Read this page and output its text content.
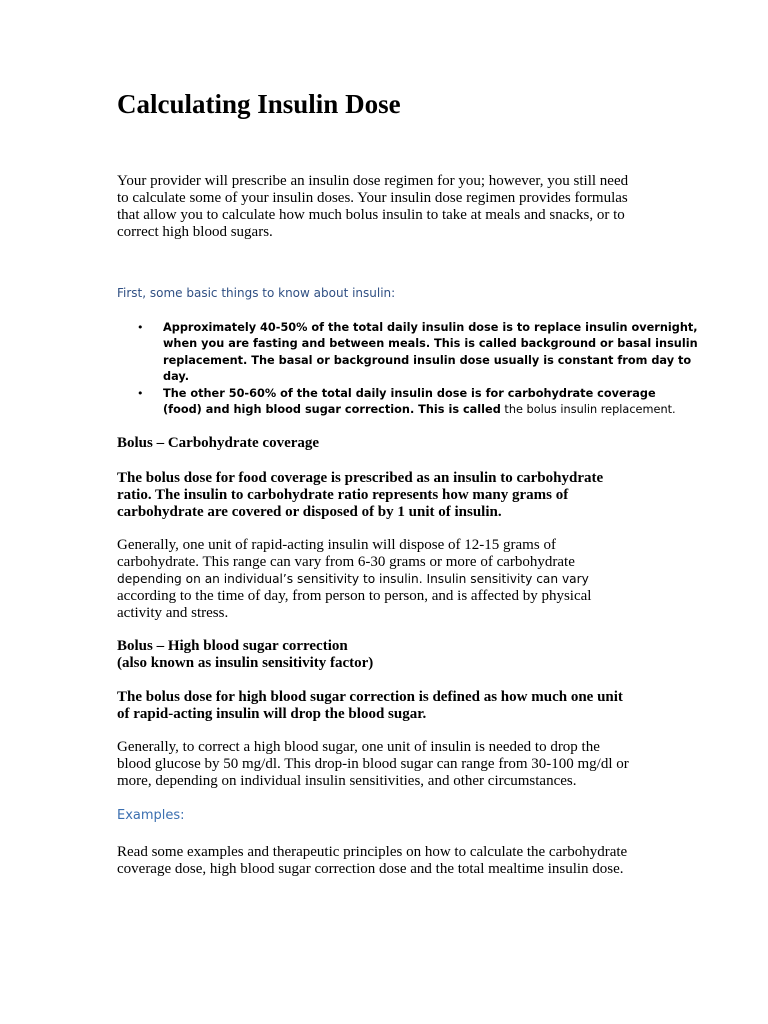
Calculating Insulin Dose

Your provider will prescribe an insulin dose regimen for you; however, you still need
to calculate some of your insulin doses. Your insulin dose regimen provides formulas
that allow you to calculate how much bolus insulin to take at meals and snacks, or to
correct high blood sugars.

First, some basic things to know about insulin:

• Approximately 40-50% of the total daily insulin dose is to replace insulin overnight,
when you are fasting and between meals. This is called background or basal insulin
replacement. The basal or background insulin dose usually is constant from day to
day.
• The other 50-60% of the total daily insulin dose is for carbohydrate coverage
(food) and high blood sugar correction. This is called the bolus insulin replacement.

Bolus – Carbohydrate coverage

The bolus dose for food coverage is prescribed as an insulin to carbohydrate
ratio. The insulin to carbohydrate ratio represents how many grams of
carbohydrate are covered or disposed of by 1 unit of insulin.

Generally, one unit of rapid-acting insulin will dispose of 12-15 grams of
carbohydrate. This range can vary from 6-30 grams or more of carbohydrate
depending on an individual’s sensitivity to insulin. Insulin sensitivity can vary
according to the time of day, from person to person, and is affected by physical
activity and stress.

Bolus – High blood sugar correction
(also known as insulin sensitivity factor)

The bolus dose for high blood sugar correction is defined as how much one unit
of rapid-acting insulin will drop the blood sugar.

Generally, to correct a high blood sugar, one unit of insulin is needed to drop the
blood glucose by 50 mg/dl. This drop-in blood sugar can range from 30-100 mg/dl or
more, depending on individual insulin sensitivities, and other circumstances.

Examples:

Read some examples and therapeutic principles on how to calculate the carbohydrate
coverage dose, high blood sugar correction dose and the total mealtime insulin dose.
